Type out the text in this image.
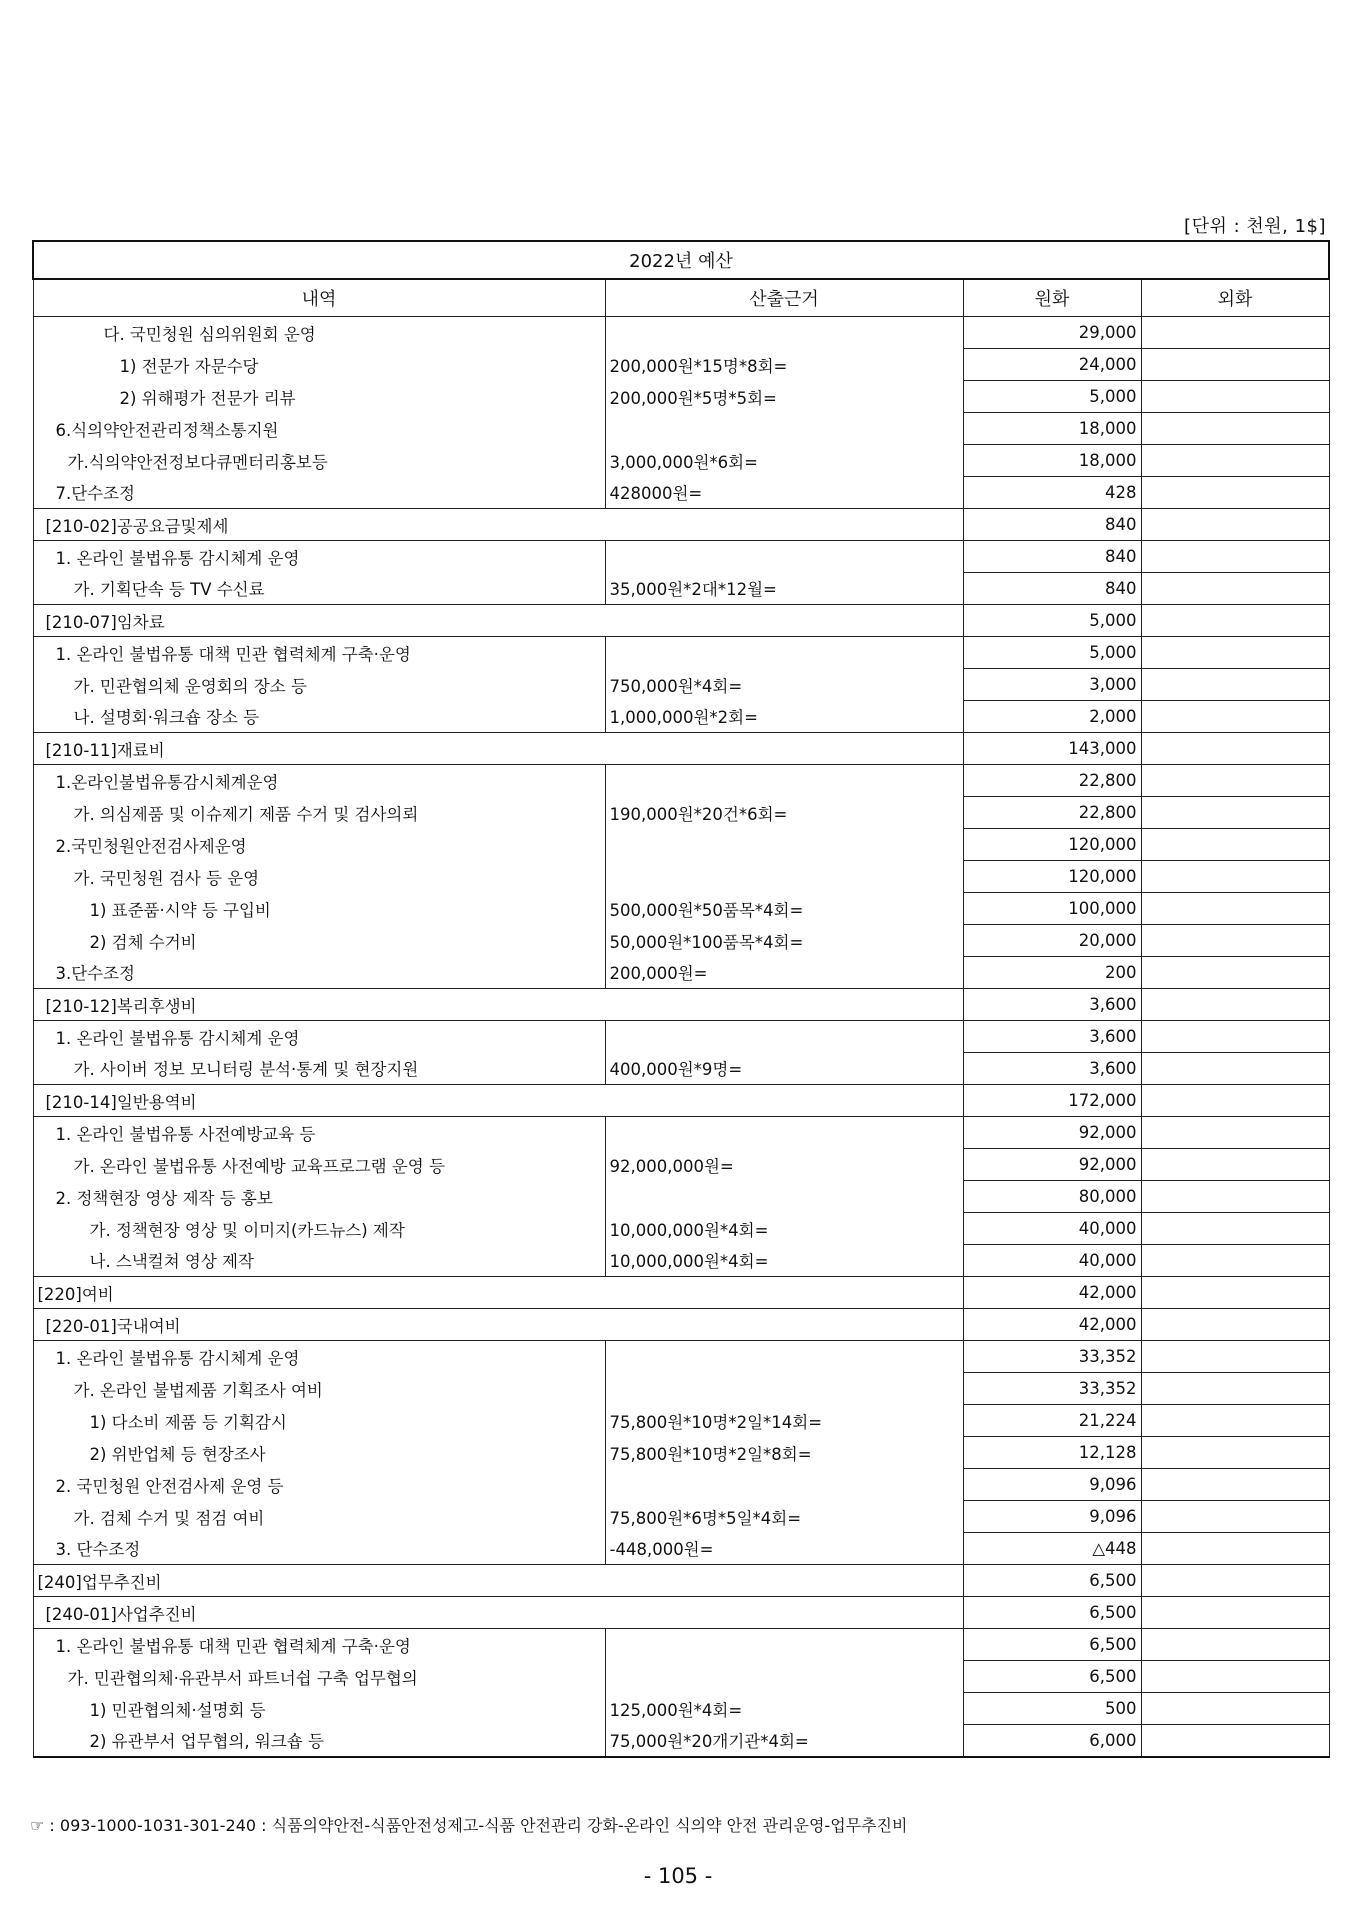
[단위 : 천원, 1$]
2022년 예산			
내역	산출근거	원화	외화
다. 국민청원 심의위원회 운영		29,000	
1) 전문가 자문수당	200,000원*15명*8회=	24,000	
2) 위해평가 전문가 리뷰	200,000원*5명*5회=	5,000	
6.식의약안전관리정책소통지원		18,000	
가.식의약안전정보다큐멘터리홍보등	3,000,000원*6회=	18,000	
7.단수조정	428000원=	428	
[210-02]공공요금및제세		840	
1. 온라인 불법유통 감시체계 운영		840	
가. 기획단속 등 TV 수신료	35,000원*2대*12월=	840	
[210-07]임차료		5,000	
1. 온라인 불법유통 대책 민관 협력체계 구축·운영		5,000	
가. 민관협의체 운영회의 장소 등	750,000원*4회=	3,000	
나. 설명회·워크숍 장소 등	1,000,000원*2회=	2,000	
[210-11]재료비		143,000	
1.온라인불법유통감시체계운영		22,800	
가. 의심제품 및 이슈제기 제품 수거 및 검사의뢰	190,000원*20건*6회=	22,800	
2.국민청원안전검사제운영		120,000	
가. 국민청원 검사 등 운영		120,000	
1) 표준품·시약 등 구입비	500,000원*50품목*4회=	100,000	
2) 검체 수거비	50,000원*100품목*4회=	20,000	
3.단수조정	200,000원=	200	
[210-12]복리후생비		3,600	
1. 온라인 불법유통 감시체계 운영		3,600	
가. 사이버 정보 모니터링 분석·통계 및 현장지원	400,000원*9명=	3,600	
[210-14]일반용역비		172,000	
1. 온라인 불법유통 사전예방교육 등		92,000	
가. 온라인 불법유통 사전예방 교육프로그램 운영 등	92,000,000원=	92,000	
2. 정책현장 영상 제작 등 홍보		80,000	
가. 정책현장 영상 및 이미지(카드뉴스) 제작	10,000,000원*4회=	40,000	
나. 스낵컬쳐 영상 제작	10,000,000원*4회=	40,000	
[220]여비		42,000	
[220-01]국내여비		42,000	
1. 온라인 불법유통 감시체계 운영		33,352	
가. 온라인 불법제품 기획조사 여비		33,352	
1) 다소비 제품 등 기획감시	75,800원*10명*2일*14회=	21,224	
2) 위반업체 등 현장조사	75,800원*10명*2일*8회=	12,128	
2. 국민청원 안전검사제 운영 등		9,096	
가. 검체 수거 및 점검 여비	75,800원*6명*5일*4회=	9,096	
3. 단수조정	-448,000원=	△448	
[240]업무추진비		6,500	
[240-01]사업추진비		6,500	
1. 온라인 불법유통 대책 민관 협력체계 구축·운영		6,500	
가. 민관협의체·유관부서 파트너쉽 구축 업무협의		6,500	
1) 민관협의체·설명회 등	125,000원*4회=	500	
2) 유관부서 업무협의, 워크숍 등	75,000원*20개기관*4회=	6,000	
☞ : 093-1000-1031-301-240 : 식품의약안전-식품안전성제고-식품 안전관리 강화-온라인 식의약 안전 관리운영-업무추진비
- 105 -
